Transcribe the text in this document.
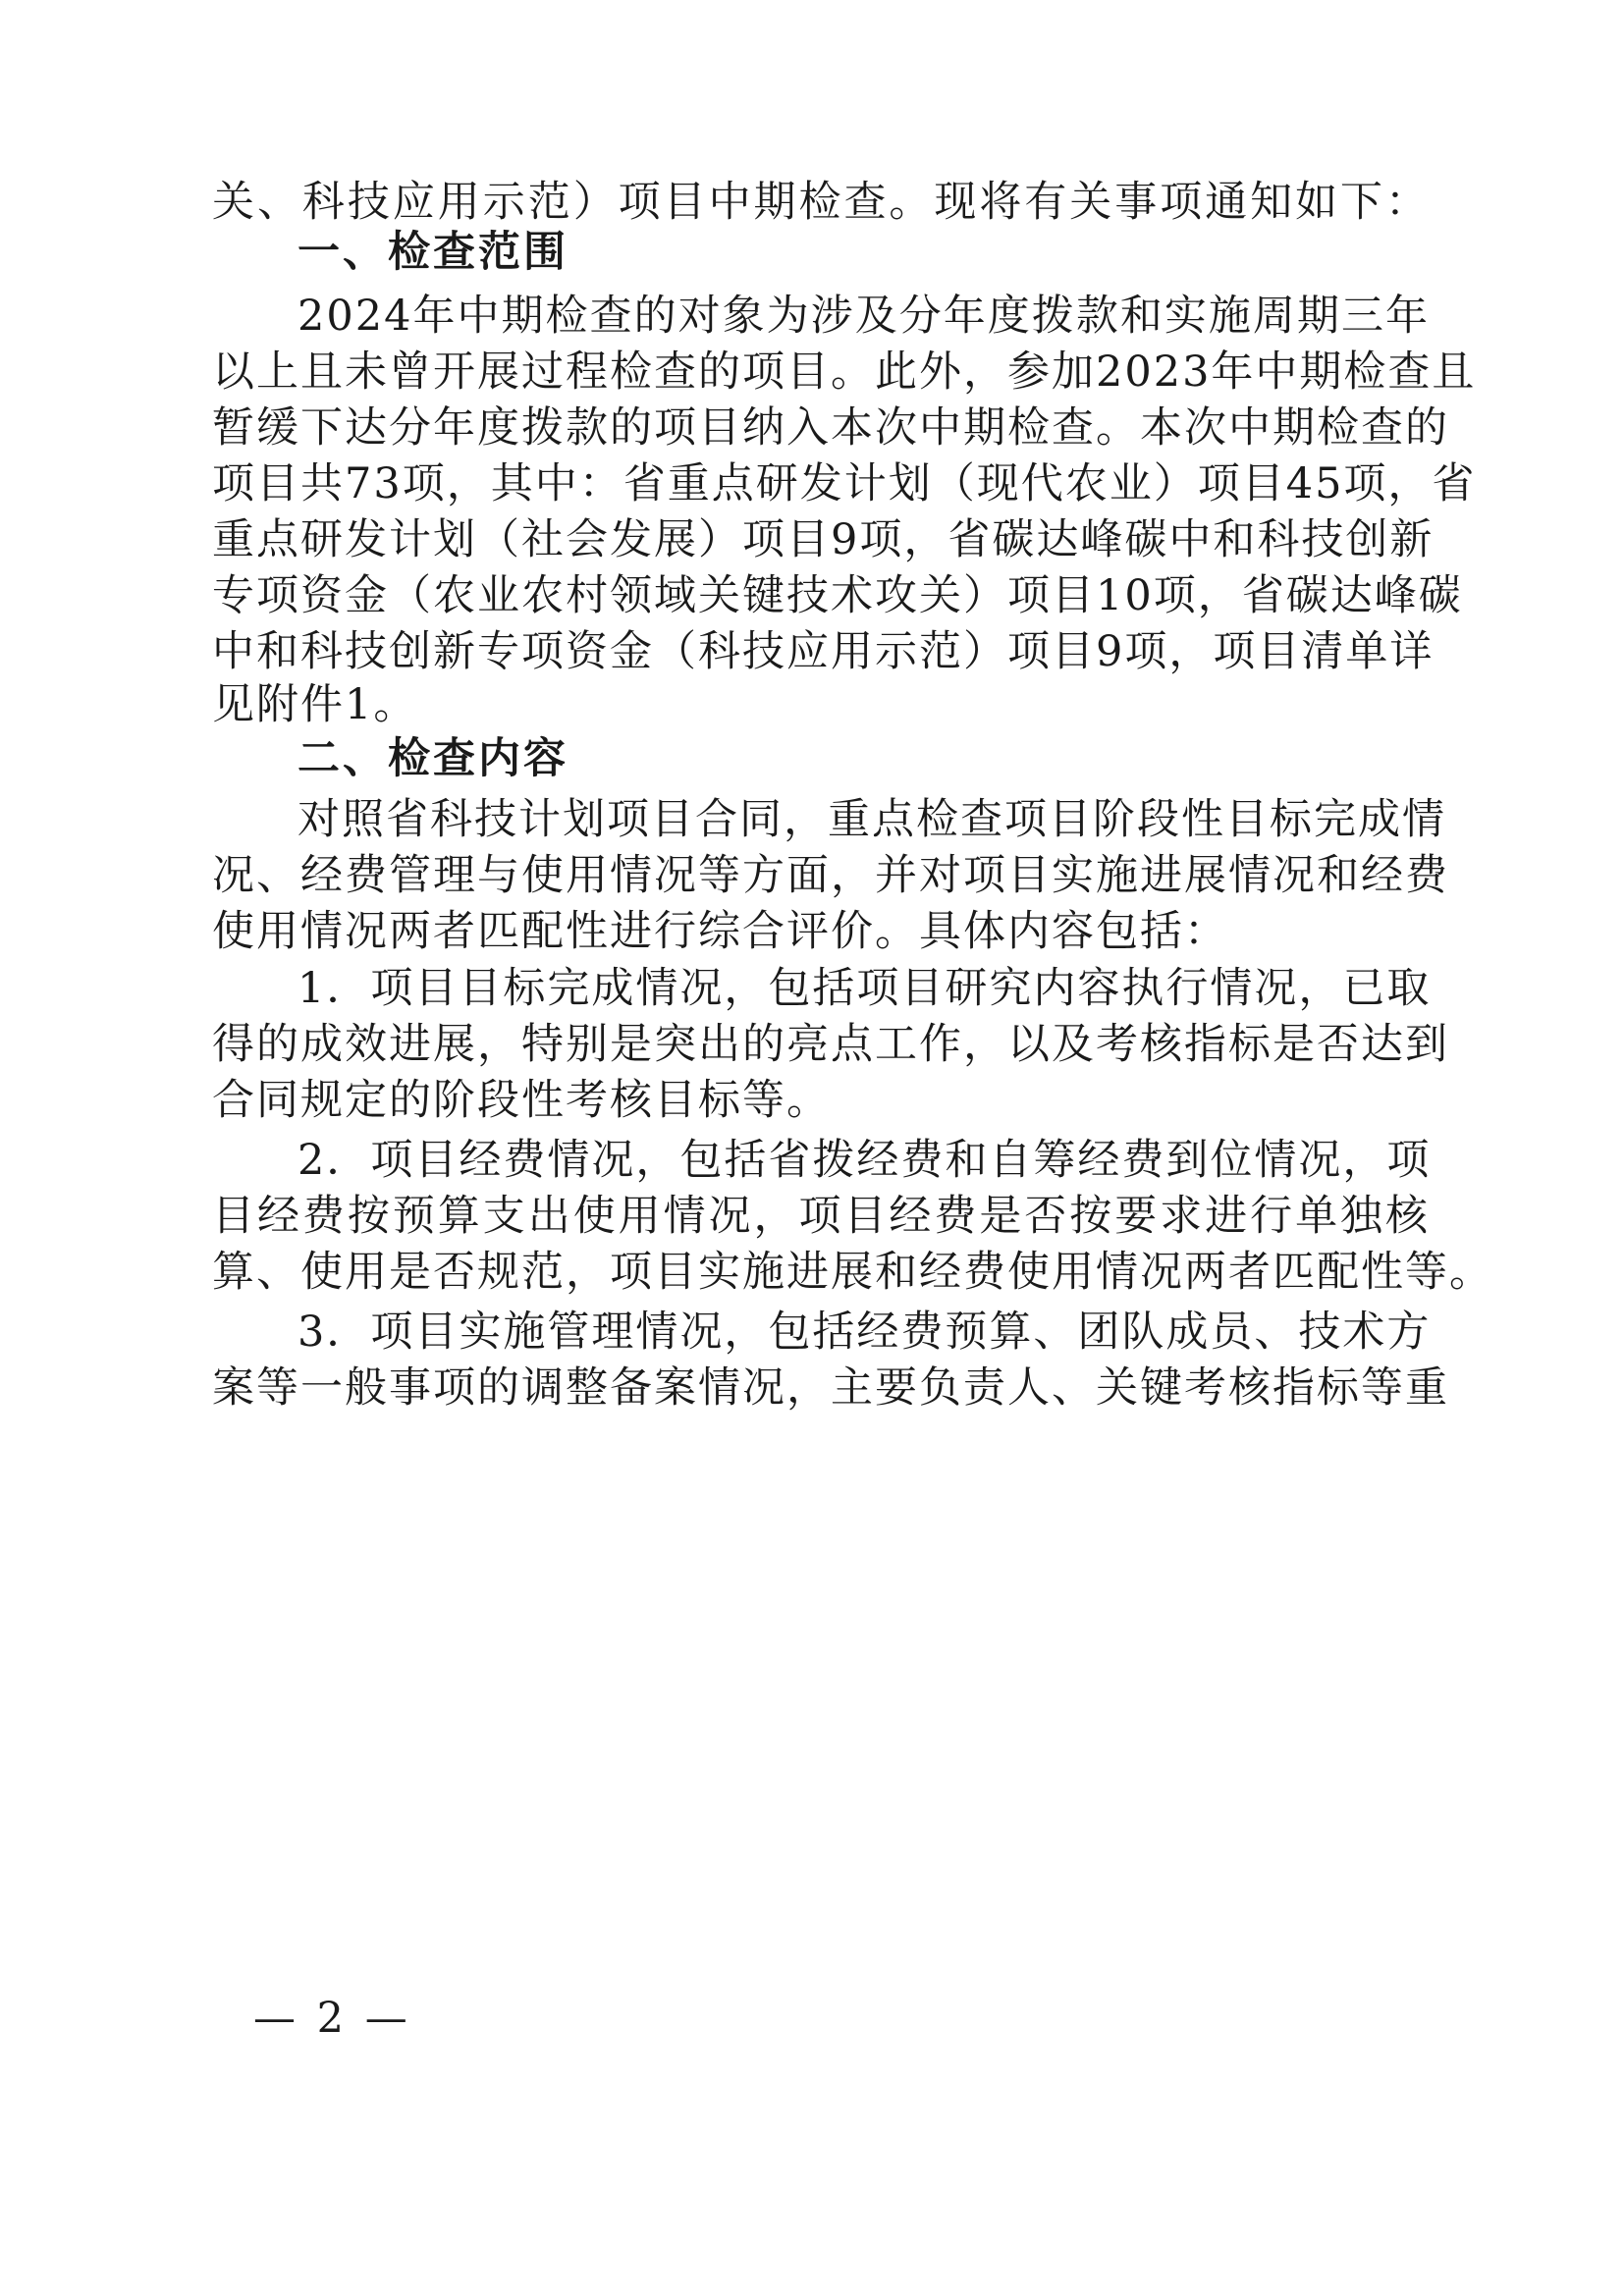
关、科技应用示范）项目中期检查。现将有关事项通知如下：
一、检查范围
2024年中期检查的对象为涉及分年度拨款和实施周期三年
以上且未曾开展过程检查的项目。此外，参加2023年中期检查且
暂缓下达分年度拨款的项目纳入本次中期检查。本次中期检查的
项目共73项，其中：省重点研发计划（现代农业）项目45项，省
重点研发计划（社会发展）项目9项，省碳达峰碳中和科技创新
专项资金（农业农村领域关键技术攻关）项目10项，省碳达峰碳
中和科技创新专项资金（科技应用示范）项目9项，项目清单详
见附件1。
二、检查内容
对照省科技计划项目合同，重点检查项目阶段性目标完成情
况、经费管理与使用情况等方面，并对项目实施进展情况和经费
使用情况两者匹配性进行综合评价。具体内容包括：
1．项目目标完成情况，包括项目研究内容执行情况，已取
得的成效进展，特别是突出的亮点工作，以及考核指标是否达到
合同规定的阶段性考核目标等。
2．项目经费情况，包括省拨经费和自筹经费到位情况，项
目经费按预算支出使用情况，项目经费是否按要求进行单独核
算、使用是否规范，项目实施进展和经费使用情况两者匹配性等。
3．项目实施管理情况，包括经费预算、团队成员、技术方
案等一般事项的调整备案情况，主要负责人、关键考核指标等重
— 2 —
